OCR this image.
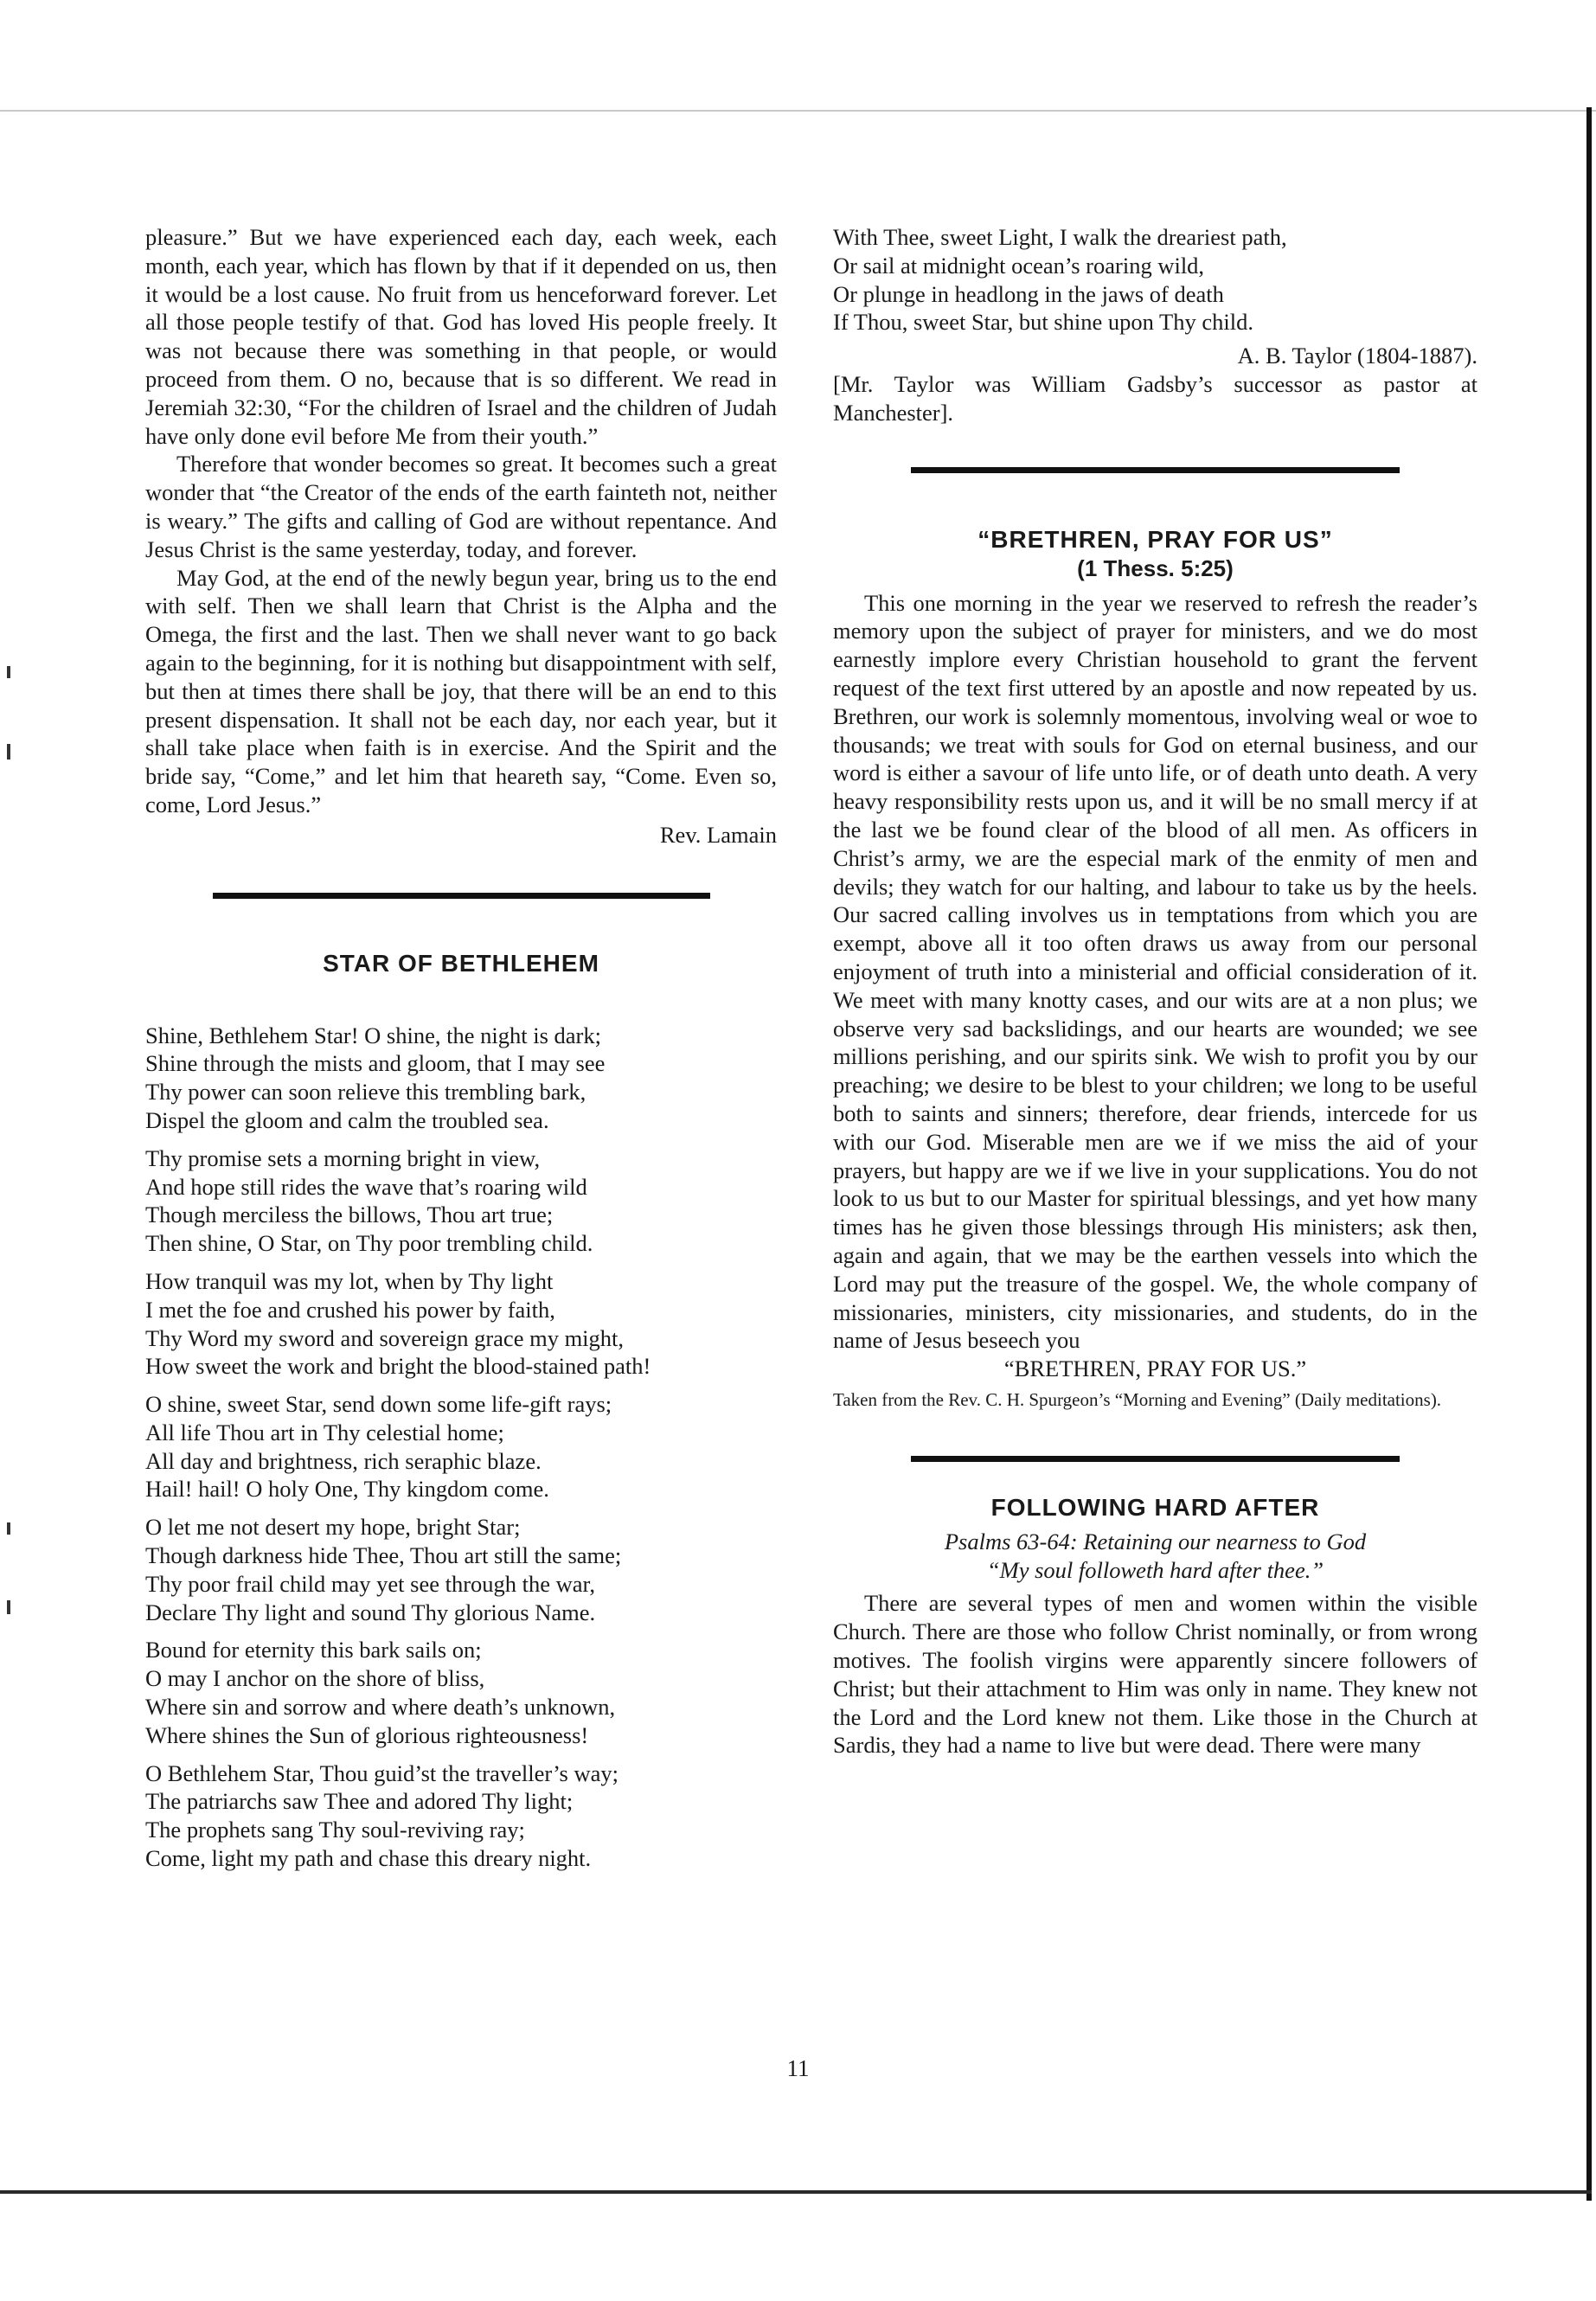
pleasure.” But we have experienced each day, each week, each month, each year, which has flown by that if it depended on us, then it would be a lost cause. No fruit from us henceforward forever. Let all those people testify of that. God has loved His people freely. It was not because there was something in that people, or would proceed from them. O no, because that is so different. We read in Jeremiah 32:30, “For the children of Israel and the children of Judah have only done evil before Me from their youth.”

Therefore that wonder becomes so great. It becomes such a great wonder that “the Creator of the ends of the earth fainteth not, neither is weary.” The gifts and calling of God are without repentance. And Jesus Christ is the same yesterday, today, and forever.

May God, at the end of the newly begun year, bring us to the end with self. Then we shall learn that Christ is the Alpha and the Omega, the first and the last. Then we shall never want to go back again to the beginning, for it is nothing but disappointment with self, but then at times there shall be joy, that there will be an end to this present dispensation. It shall not be each day, nor each year, but it shall take place when faith is in exercise. And the Spirit and the bride say, “Come,” and let him that heareth say, “Come. Even so, come, Lord Jesus.”

Rev. Lamain

STAR OF BETHLEHEM

Shine, Bethlehem Star! O shine, the night is dark;
Shine through the mists and gloom, that I may see
Thy power can soon relieve this trembling bark,
Dispel the gloom and calm the troubled sea.

Thy promise sets a morning bright in view,
And hope still rides the wave that’s roaring wild
Though merciless the billows, Thou art true;
Then shine, O Star, on Thy poor trembling child.

How tranquil was my lot, when by Thy light
I met the foe and crushed his power by faith,
Thy Word my sword and sovereign grace my might,
How sweet the work and bright the blood-stained path!

O shine, sweet Star, send down some life-gift rays;
All life Thou art in Thy celestial home;
All day and brightness, rich seraphic blaze.
Hail! hail! O holy One, Thy kingdom come.

O let me not desert my hope, bright Star;
Though darkness hide Thee, Thou art still the same;
Thy poor frail child may yet see through the war,
Declare Thy light and sound Thy glorious Name.

Bound for eternity this bark sails on;
O may I anchor on the shore of bliss,
Where sin and sorrow and where death’s unknown,
Where shines the Sun of glorious righteousness!

O Bethlehem Star, Thou guid’st the traveller’s way;
The patriarchs saw Thee and adored Thy light;
The prophets sang Thy soul-reviving ray;
Come, light my path and chase this dreary night.

With Thee, sweet Light, I walk the dreariest path,
Or sail at midnight ocean’s roaring wild,
Or plunge in headlong in the jaws of death
If Thou, sweet Star, but shine upon Thy child.

A. B. Taylor (1804-1887).

[Mr. Taylor was William Gadsby’s successor as pastor at Manchester].

“BRETHREN, PRAY FOR US”

(1 Thess. 5:25)

This one morning in the year we reserved to refresh the reader’s memory upon the subject of prayer for ministers, and we do most earnestly implore every Christian household to grant the fervent request of the text first uttered by an apostle and now repeated by us. Brethren, our work is solemnly momentous, involving weal or woe to thousands; we treat with souls for God on eternal business, and our word is either a savour of life unto life, or of death unto death. A very heavy responsibility rests upon us, and it will be no small mercy if at the last we be found clear of the blood of all men. As officers in Christ’s army, we are the especial mark of the enmity of men and devils; they watch for our halting, and labour to take us by the heels. Our sacred calling involves us in temptations from which you are exempt, above all it too often draws us away from our personal enjoyment of truth into a ministerial and official consideration of it. We meet with many knotty cases, and our wits are at a non plus; we observe very sad backslidings, and our hearts are wounded; we see millions perishing, and our spirits sink. We wish to profit you by our preaching; we desire to be blest to your children; we long to be useful both to saints and sinners; therefore, dear friends, intercede for us with our God. Miserable men are we if we miss the aid of your prayers, but happy are we if we live in your supplications. You do not look to us but to our Master for spiritual blessings, and yet how many times has he given those blessings through His ministers; ask then, again and again, that we may be the earthen vessels into which the Lord may put the treasure of the gospel. We, the whole company of missionaries, ministers, city missionaries, and students, do in the name of Jesus beseech you

“BRETHREN, PRAY FOR US.”

Taken from the Rev. C. H. Spurgeon’s “Morning and Evening” (Daily meditations).

FOLLOWING HARD AFTER

Psalms 63-64: Retaining our nearness to God

“My soul followeth hard after thee.”

There are several types of men and women within the visible Church. There are those who follow Christ nominally, or from wrong motives. The foolish virgins were apparently sincere followers of Christ; but their attachment to Him was only in name. They knew not the Lord and the Lord knew not them. Like those in the Church at Sardis, they had a name to live but were dead. There were many

11
